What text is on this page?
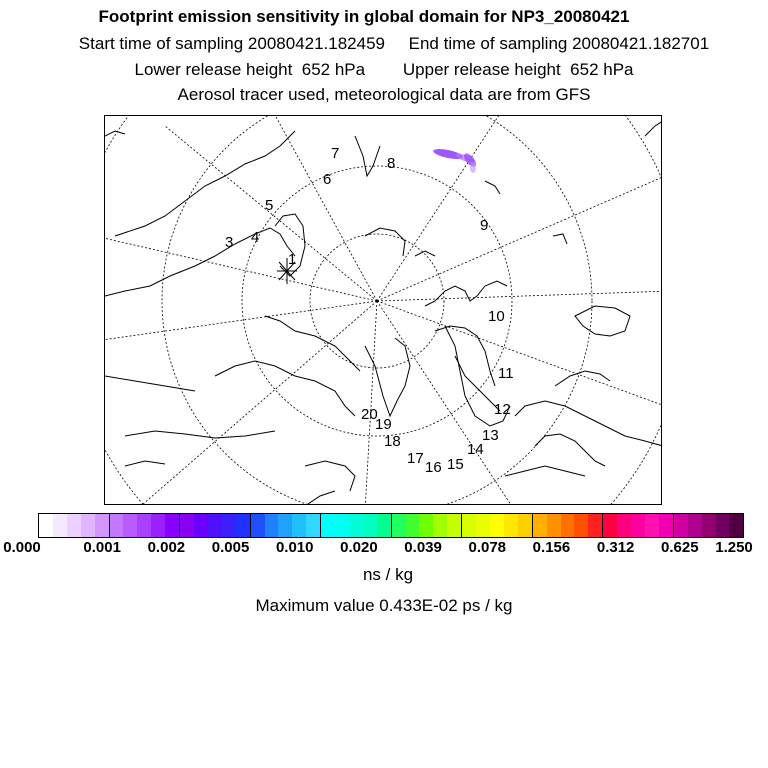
Footprint emission sensitivity in global domain for NP3_20080421
Start time of sampling 20080421.182459     End time of sampling 20080421.182701
Lower release height  652 hPa        Upper release height  652 hPa
Aerosol tracer used, meteorological data are from GFS
1
3 4
5
6
7
8
9
10
11
12
13
14
15
16
17
18
19
20
0.000	0.001 0.002 0.005 0.010 0.020 0.039 0.078 0.156 0.312 0.625 1.250
ns / kg
Maximum value 0.433E-02 ps / kg
